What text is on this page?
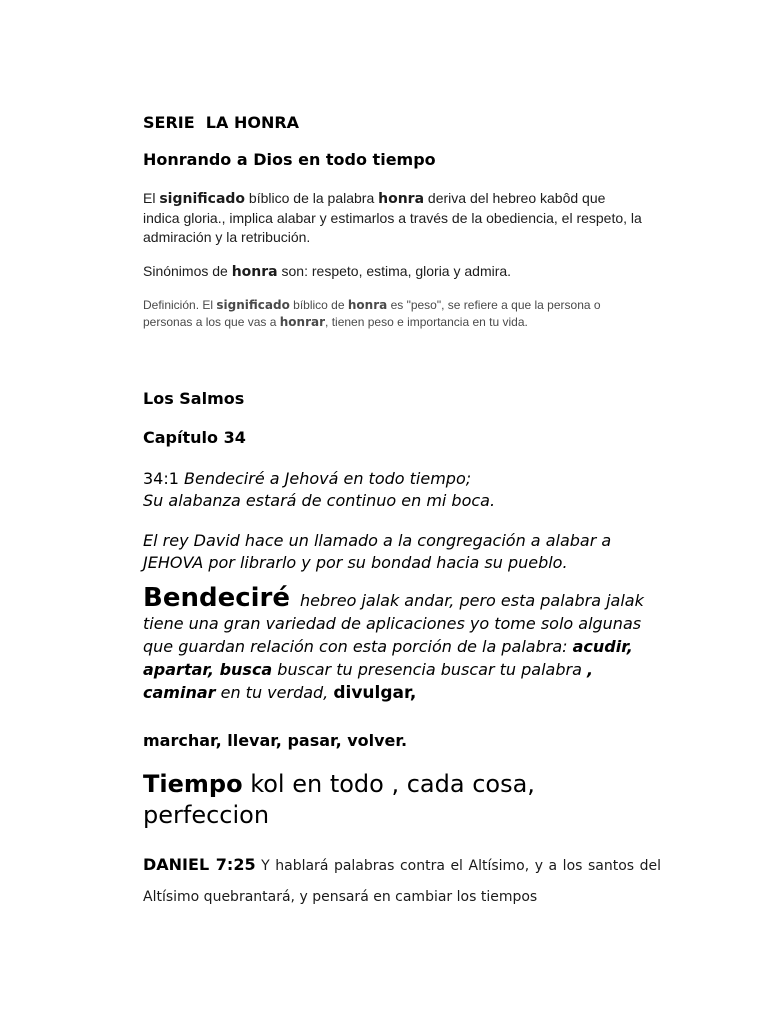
SERIE  LA HONRA
Honrando a Dios en todo tiempo

El significado bíblico de la palabra honra deriva del hebreo kabôd que indica gloria., implica alabar y estimarlos a través de la obediencia, el respeto, la admiración y la retribución.

Sinónimos de honra son: respeto, estima, gloria y admira.

Definición. El significado bíblico de honra es "peso", se refiere a que la persona o personas a los que vas a honrar, tienen peso e importancia en tu vida.

Los Salmos
Capítulo 34
34:1 Bendeciré a Jehová en todo tiempo;
Su alabanza estará de continuo en mi boca.

El rey David hace un llamado a la congregación a alabar a JEHOVA por librarlo y por su bondad hacia su pueblo.

Bendeciré hebreo jalak andar, pero esta palabra jalak tiene una gran variedad de aplicaciones yo tome solo algunas que guardan relación con esta porción de la palabra: acudir, apartar, busca buscar tu presencia buscar tu palabra , caminar en tu verdad, divulgar,

marchar, llevar, pasar, volver.

Tiempo kol en todo , cada cosa, perfeccion

DANIEL 7:25 Y hablará palabras contra el Altísimo, y a los santos del Altísimo quebrantará, y pensará en cambiar los tiempos
